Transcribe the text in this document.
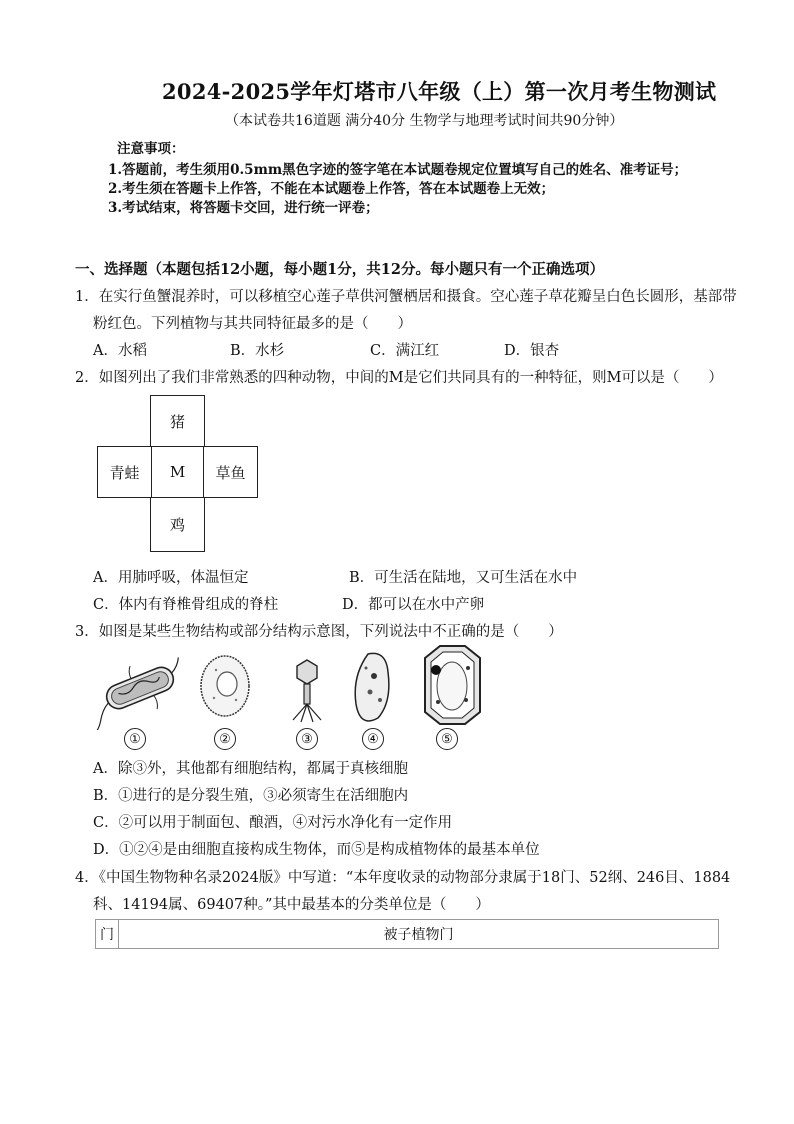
2024-2025学年灯塔市八年级（上）第一次月考生物测试
（本试卷共16道题 满分40分 生物学与地理考试时间共90分钟）
注意事项：
1.答题前，考生须用0.5mm黑色字迹的签字笔在本试题卷规定位置填写自己的姓名、准考证号；
2.考生须在答题卡上作答，不能在本试题卷上作答，答在本试题卷上无效；
3.考试结束，将答题卡交回，进行统一评卷；
一、选择题（本题包括12小题，每小题1分，共12分。每小题只有一个正确选项）
1．在实行鱼蟹混养时，可以移植空心莲子草供河蟹栖居和摄食。空心莲子草花瓣呈白色长圆形，基部带
粉红色。下列植物与其共同特征最多的是（　　）
A．水稻	B．水杉	C．满江红	D．银杏
2．如图列出了我们非常熟悉的四种动物，中间的M是它们共同具有的一种特征，则M可以是（　　）
猪
青蛙	M	草鱼
鸡
A．用肺呼吸，体温恒定	B．可生活在陆地，又可生活在水中
C．体内有脊椎骨组成的脊柱	D．都可以在水中产卵
3．如图是某些生物结构或部分结构示意图，下列说法中不正确的是（　　）
①	②	③	④	⑤
A．除③外，其他都有细胞结构，都属于真核细胞
B．①进行的是分裂生殖，③必须寄生在活细胞内
C．②可以用于制面包、酿酒，④对污水净化有一定作用
D．①②④是由细胞直接构成生物体，而⑤是构成植物体的最基本单位
4．《中国生物物种名录2024版》中写道：“本年度收录的动物部分隶属于18门、52纲、246目、1884
科、14194属、69407种。”其中最基本的分类单位是（　　）
门	被子植物门
